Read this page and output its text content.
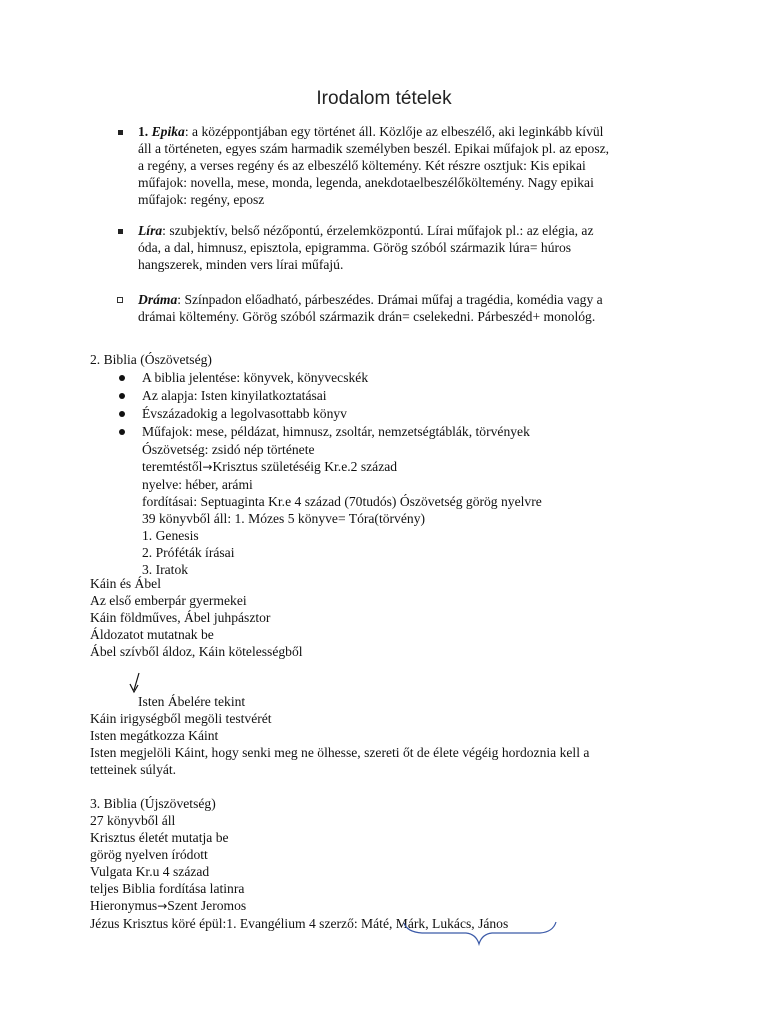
Irodalom tételek
1. Epika: a középpontjában egy történet áll. Közlője az elbeszélő, aki leginkább kívül
áll a történeten, egyes szám harmadik személyben beszél. Epikai műfajok pl. az eposz,
a regény, a verses regény és az elbeszélő költemény. Két részre osztjuk: Kis epikai
műfajok: novella, mese, monda, legenda, anekdotaelbeszélőköltemény. Nagy epikai
műfajok: regény, eposz
Líra: szubjektív, belső nézőpontú, érzelemközpontú. Lírai műfajok pl.: az elégia, az
óda, a dal, himnusz, episztola, epigramma. Görög szóból származik lúra= húros
hangszerek, minden vers lírai műfajú.
Dráma: Színpadon előadható, párbeszédes. Drámai műfaj a tragédia, komédia vagy a
drámai költemény. Görög szóból származik drán= cselekedni. Párbeszéd+ monológ.
2. Biblia (Ószövetség)
A biblia jelentése: könyvek, könyvecskék
Az alapja: Isten kinyilatkoztatásai
Évszázadokig a legolvasottabb könyv
Műfajok: mese, példázat, himnusz, zsoltár, nemzetségtáblák, törvények
Ószövetség: zsidó nép története
teremtéstől→Krisztus születéséig Kr.e.2 század
nyelve: héber, arámi
fordításai: Septuaginta Kr.e 4 század (70tudós) Ószövetség görög nyelvre
39 könyvből áll: 1. Mózes 5 könyve= Tóra(törvény)
1. Genesis
2. Próféták írásai
3. Iratok
Káin és Ábel
Az első emberpár gyermekei
Káin földműves, Ábel juhpásztor
Áldozatot mutatnak be
Ábel szívből áldoz, Káin kötelességből
Isten Ábelére tekint
Káin irigységből megöli testvérét
Isten megátkozza Káint
Isten megjelöli Káint, hogy senki meg ne ölhesse, szereti őt de élete végéig hordoznia kell a
tetteinek súlyát.
3. Biblia (Újszövetség)
27 könyvből áll
Krisztus életét mutatja be
görög nyelven íródott
Vulgata Kr.u 4 század
teljes Biblia fordítása latinra
Hieronymus→Szent Jeromos
Jézus Krisztus köré épül:1. Evangélium 4 szerző: Máté, Márk, Lukács, János
